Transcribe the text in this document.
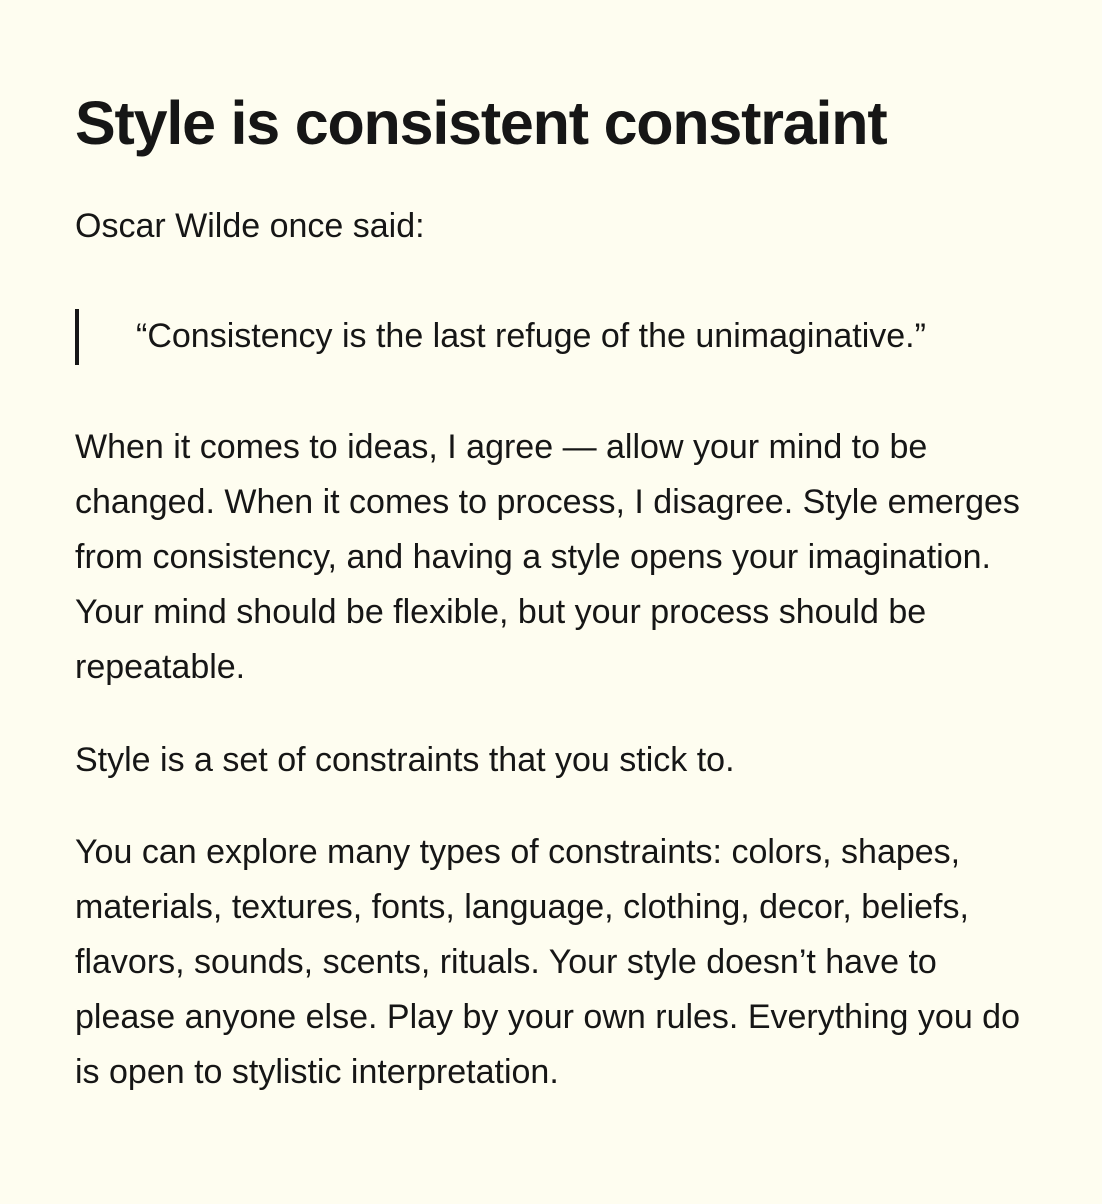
Style is consistent constraint

Oscar Wilde once said:

“Consistency is the last refuge of the unimaginative.”

When it comes to ideas, I agree — allow your mind to be changed. When it comes to process, I disagree. Style emerges from consistency, and having a style opens your imagination. Your mind should be flexible, but your process should be repeatable.

Style is a set of constraints that you stick to.

You can explore many types of constraints: colors, shapes, materials, textures, fonts, language, clothing, decor, beliefs, flavors, sounds, scents, rituals. Your style doesn’t have to please anyone else. Play by your own rules. Everything you do is open to stylistic interpretation.
